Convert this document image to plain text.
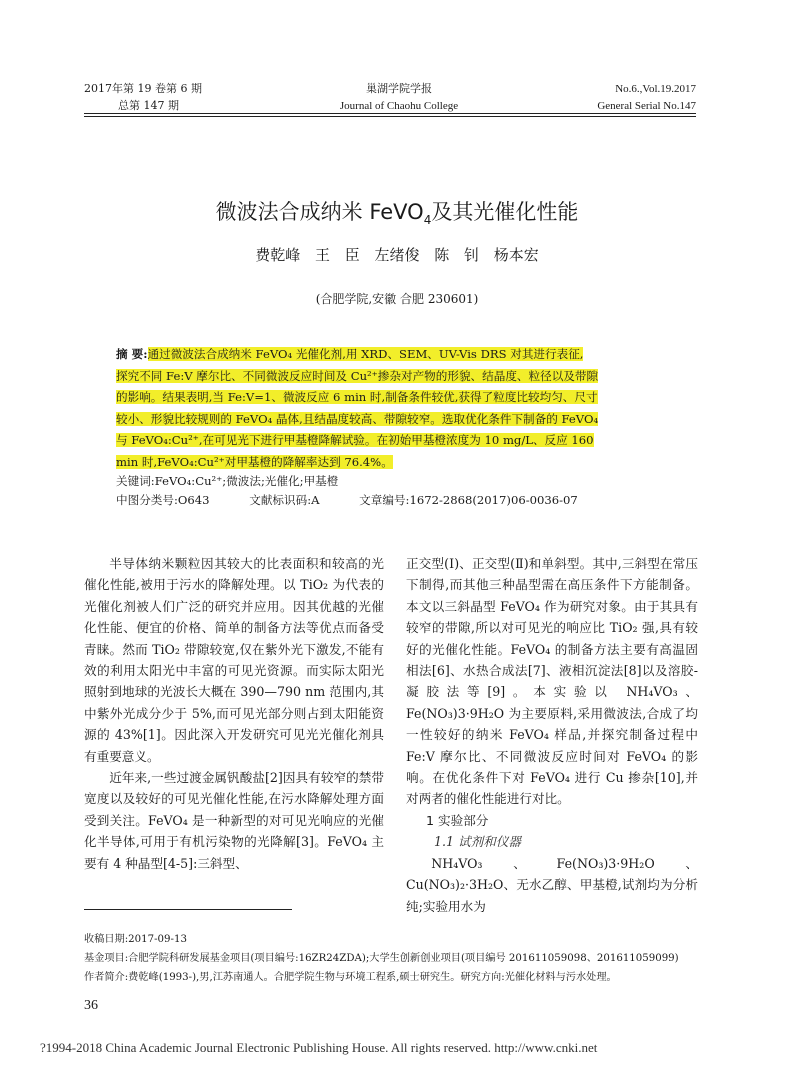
2017年第 19 卷第 6 期
总第 147 期
巢湖学院学报
Journal of Chaohu College
No.6.,Vol.19.2017
General Serial No.147
微波法合成纳米 FeVO$_4$及其光催化性能
费乾峰 王 臣 左绪俊 陈 钊 杨本宏
(合肥学院,安徽 合肥 230601)
摘 要:通过微波法合成纳米 FeVO₄ 光催化剂,用 XRD、SEM、UV-Vis DRS 对其进行表征,
探究不同 Fe:V 摩尔比、不同微波反应时间及 Cu²⁺掺杂对产物的形貌、结晶度、粒径以及带隙
的影响。结果表明,当 Fe:V=1、微波反应 6 min 时,制备条件较优,获得了粒度比较均匀、尺寸
较小、形貌比较规则的 FeVO₄ 晶体,且结晶度较高、带隙较窄。选取优化条件下制备的 FeVO₄
与 FeVO₄:Cu²⁺,在可见光下进行甲基橙降解试验。在初始甲基橙浓度为 10 mg/L、反应 160
min 时,FeVO₄:Cu²⁺对甲基橙的降解率达到 76.4%。
关键词:FeVO₄:Cu²⁺;微波法;光催化;甲基橙
中图分类号:O643	文献标识码:A	文章编号:1672-2868(2017)06-0036-07

半导体纳米颗粒因其较大的比表面积和较高的光催化性能,被用于污水的降解处理。以 TiO₂ 为代表的光催化剂被人们广泛的研究并应用。因其优越的光催化性能、便宜的价格、简单的制备方法等优点而备受青睐。然而 TiO₂ 带隙较宽,仅在紫外光下激发,不能有效的利用太阳光中丰富的可见光资源。而实际太阳光照射到地球的光波长大概在 390—790 nm 范围内,其中紫外光成分少于 5%,而可见光部分则占到太阳能资源的 43%[1]。因此深入开发研究可见光光催化剂具有重要意义。

近年来,一些过渡金属钒酸盐[2]因具有较窄的禁带宽度以及较好的可见光催化性能,在污水降解处理方面受到关注。FeVO₄ 是一种新型的对可见光响应的光催化半导体,可用于有机污染物的光降解[3]。FeVO₄ 主要有 4 种晶型[4-5]:三斜型、

正交型(Ⅰ)、正交型(Ⅱ)和单斜型。其中,三斜型在常压下制得,而其他三种晶型需在高压条件下方能制备。本文以三斜晶型 FeVO₄ 作为研究对象。由于其具有较窄的带隙,所以对可见光的响应比 TiO₂ 强,具有较好的光催化性能。FeVO₄ 的制备方法主要有高温固相法[6]、水热合成法[7]、液相沉淀法[8]以及溶胶-凝胶法等[9]。本实验以 NH₄VO₃、Fe(NO₃)3·9H₂O 为主要原料,采用微波法,合成了均一性较好的纳米 FeVO₄ 样品,并探究制备过程中 Fe:V 摩尔比、不同微波反应时间对 FeVO₄ 的影响。在优化条件下对 FeVO₄ 进行 Cu 掺杂[10],并对两者的催化性能进行对比。

1 实验部分
1.1 试剂和仪器

NH₄VO₃、Fe(NO₃)3·9H₂O、Cu(NO₃)₂·3H₂O、无水乙醇、甲基橙,试剂均为分析纯;实验用水为

收稿日期:2017-09-13
基金项目:合肥学院科研发展基金项目(项目编号:16ZR24ZDA);大学生创新创业项目(项目编号 201611059098、201611059099)
作者简介:费乾峰(1993-),男,江苏南通人。合肥学院生物与环境工程系,硕士研究生。研究方向:光催化材料与污水处理。
36
?1994-2018 China Academic Journal Electronic Publishing House. All rights reserved. http://www.cnki.net
